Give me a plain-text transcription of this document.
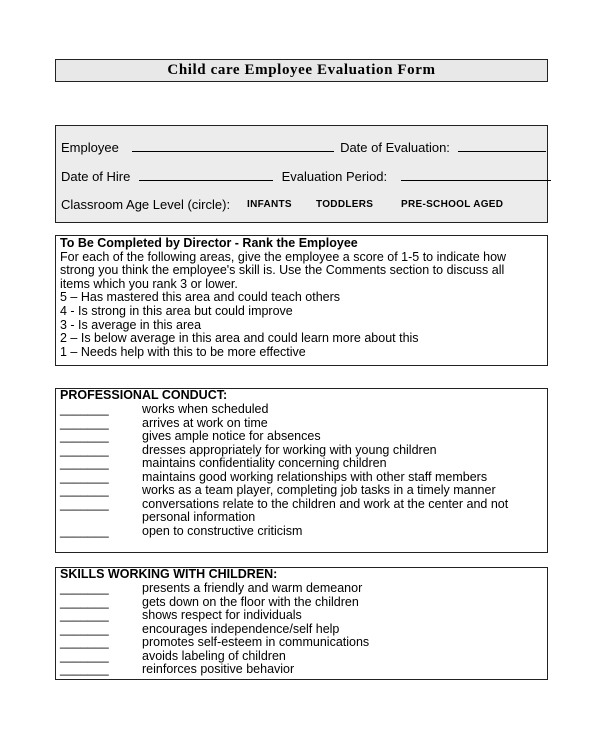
Child care Employee Evaluation Form
Employee	Date of Evaluation:
Date of Hire	Evaluation Period:
Classroom Age Level (circle): INFANTS TODDLERS	PRE-SCHOOL AGED
To Be Completed by Director - Rank the Employee
For each of the following areas, give the employee a score of 1-5 to indicate how
strong you think the employee's skill is. Use the Comments section to discuss all
items which you rank 3 or lower.
5 – Has mastered this area and could teach others
4 - Is strong in this area but could improve
3 - Is average in this area
2 – Is below average in this area and could learn more about this
1 – Needs help with this to be more effective
PROFESSIONAL CONDUCT:
_______	works when scheduled
_______	arrives at work on time
_______	gives ample notice for absences
_______	dresses appropriately for working with young children
_______	maintains confidentiality concerning children
_______	maintains good working relationships with other staff members
_______	works as a team player, completing job tasks in a timely manner
_______	conversations relate to the children and work at the center and not
personal information
_______	open to constructive criticism
SKILLS WORKING WITH CHILDREN:
_______	presents a friendly and warm demeanor
_______	gets down on the floor with the children
_______	shows respect for individuals
_______	encourages independence/self help
_______	promotes self-esteem in communications
_______	avoids labeling of children
_______	reinforces positive behavior
